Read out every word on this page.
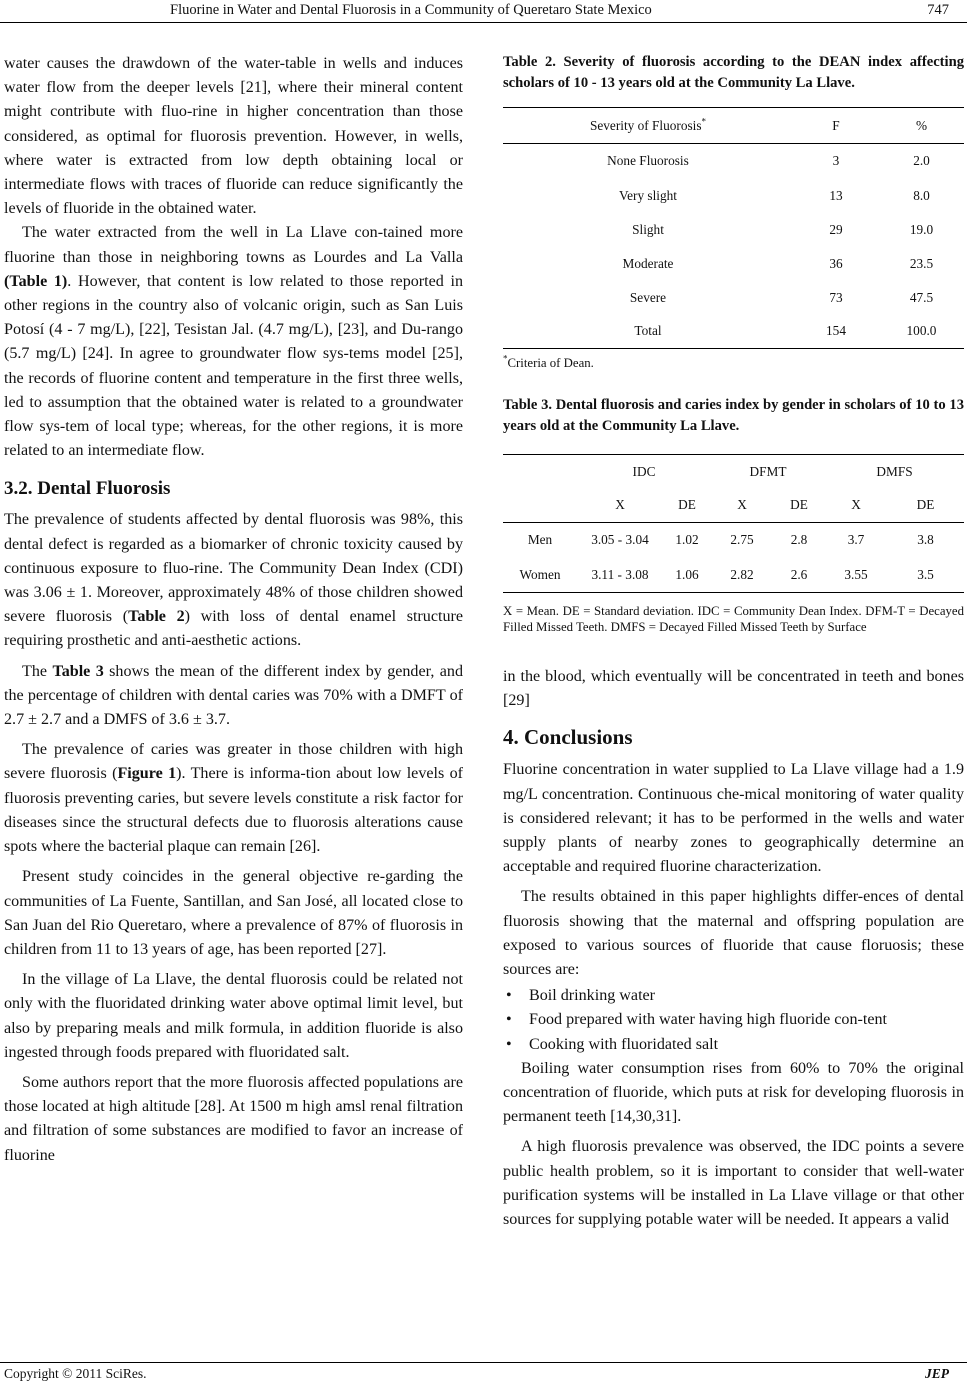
Fluorine in Water and Dental Fluorosis in a Community of Queretaro State Mexico	747

water causes the drawdown of the water-table in wells and induces water flow from the deeper levels [21], where their mineral content might contribute with fluo-rine in higher concentration than those considered, as optimal for fluorosis prevention. However, in wells, where water is extracted from low depth obtaining local or intermediate flows with traces of fluoride can reduce significantly the levels of fluoride in the obtained water.

The water extracted from the well in La Llave con-tained more fluorine than those in neighboring towns as Lourdes and La Valla (Table 1). However, that content is low related to those reported in other regions in the country also of volcanic origin, such as San Luis Potosí (4 - 7 mg/L), [22], Tesistan Jal. (4.7 mg/L), [23], and Du-rango (5.7 mg/L) [24]. In agree to groundwater flow sys-tems model [25], the records of fluorine content and temperature in the first three wells, led to assumption that the obtained water is related to a groundwater flow sys-tem of local type; whereas, for the other regions, it is more related to an intermediate flow.

3.2. Dental Fluorosis

The prevalence of students affected by dental fluorosis was 98%, this dental defect is regarded as a biomarker of chronic toxicity caused by continuous exposure to fluo-rine. The Community Dean Index (CDI) was 3.06 ± 1. Moreover, approximately 48% of those children showed severe fluorosis (Table 2) with loss of dental enamel structure requiring prosthetic and anti-aesthetic actions.

The Table 3 shows the mean of the different index by gender, and the percentage of children with dental caries was 70% with a DMFT of 2.7 ± 2.7 and a DMFS of 3.6 ± 3.7.

The prevalence of caries was greater in those children with high severe fluorosis (Figure 1). There is informa-tion about low levels of fluorosis preventing caries, but severe levels constitute a risk factor for diseases since the structural defects due to fluorosis alterations cause spots where the bacterial plaque can remain [26].

Present study coincides in the general objective re-garding the communities of La Fuente, Santillan, and San José, all located close to San Juan del Rio Queretaro, where a prevalence of 87% of fluorosis in children from 11 to 13 years of age, has been reported [27].

In the village of La Llave, the dental fluorosis could be related not only with the fluoridated drinking water above optimal limit level, but also by preparing meals and milk formula, in addition fluoride is also ingested through foods prepared with fluoridated salt.

Some authors report that the more fluorosis affected populations are those located at high altitude [28]. At 1500 m high amsl renal filtration and filtration of some substances are modified to favor an increase of fluorine

Table 2. Severity of fluorosis according to the DEAN index affecting scholars of 10 - 13 years old at the Community La Llave.

Severity of Fluorosis*	F	%
None Fluorosis	3	2.0
Very slight	13	8.0
Slight	29	19.0
Moderate	36	23.5
Severe	73	47.5
Total	154	100.0

*Criteria of Dean.

Table 3. Dental fluorosis and caries index by gender in scholars of 10 to 13 years old at the Community La Llave.

	IDC		DFMT		DMFS	
	X	DE	X	DE	X	DE
Men	3.05 - 3.04	1.02	2.75	2.8	3.7	3.8
Women	3.11 - 3.08	1.06	2.82	2.6	3.55	3.5

X = Mean. DE = Standard deviation. IDC = Community Dean Index. DFM-T = Decayed Filled Missed Teeth. DMFS = Decayed Filled Missed Teeth by Surface

in the blood, which eventually will be concentrated in teeth and bones [29]

4. Conclusions

Fluorine concentration in water supplied to La Llave village had a 1.9 mg/L concentration. Continuous che-mical monitoring of water quality is considered relevant; it has to be performed in the wells and water supply plants of nearby zones to geographically determine an acceptable and required fluorine characterization.

The results obtained in this paper highlights differ-ences of dental fluorosis showing that the maternal and offspring population are exposed to various sources of fluoride that cause floruosis; these sources are:

• Boil drinking water
• Food prepared with water having high fluoride con-tent
• Cooking with fluoridated salt

Boiling water consumption rises from 60% to 70% the original concentration of fluoride, which puts at risk for developing fluorosis in permanent teeth [14,30,31].

A high fluorosis prevalence was observed, the IDC points a severe public health problem, so it is important to consider that well-water purification systems will be installed in La Llave village or that other sources for supplying potable water will be needed. It appears a valid

Copyright © 2011 SciRes.	JEP
